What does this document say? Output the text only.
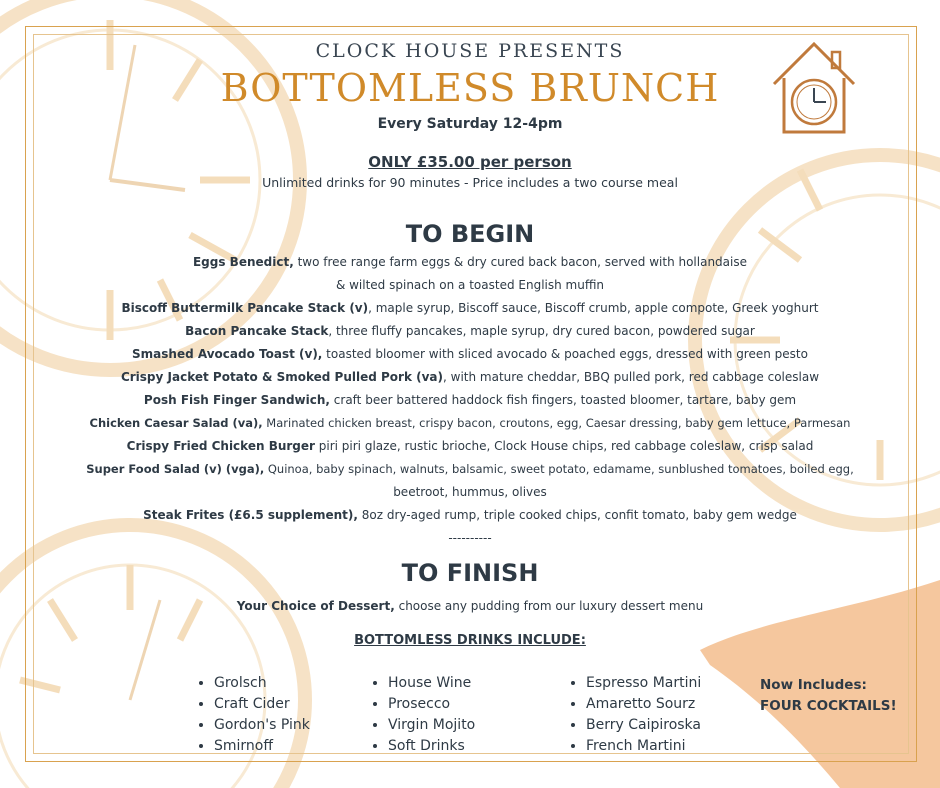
CLOCK HOUSE PRESENTS
BOTTOMLESS BRUNCH
Every Saturday 12-4pm
ONLY £35.00 per person
Unlimited drinks for 90 minutes - Price includes a two course meal
TO BEGIN
Eggs Benedict, two free range farm eggs & dry cured back bacon, served with hollandaise
& wilted spinach on a toasted English muffin
Biscoff Buttermilk Pancake Stack (v), maple syrup, Biscoff sauce, Biscoff crumb, apple compote, Greek yoghurt
Bacon Pancake Stack, three fluffy pancakes, maple syrup, dry cured bacon, powdered sugar
Smashed Avocado Toast (v), toasted bloomer with sliced avocado & poached eggs, dressed with green pesto
Crispy Jacket Potato & Smoked Pulled Pork (va), with mature cheddar, BBQ pulled pork, red cabbage coleslaw
Posh Fish Finger Sandwich, craft beer battered haddock fish fingers, toasted bloomer, tartare, baby gem
Chicken Caesar Salad (va), Marinated chicken breast, crispy bacon, croutons, egg, Caesar dressing, baby gem lettuce, Parmesan
Crispy Fried Chicken Burger piri piri glaze, rustic brioche, Clock House chips, red cabbage coleslaw, crisp salad
Super Food Salad (v) (vga), Quinoa, baby spinach, walnuts, balsamic, sweet potato, edamame, sunblushed tomatoes, boiled egg,
beetroot, hummus, olives
Steak Frites (£6.5 supplement), 8oz dry-aged rump, triple cooked chips, confit tomato, baby gem wedge
----------
TO FINISH
Your Choice of Dessert, choose any pudding from our luxury dessert menu
BOTTOMLESS DRINKS INCLUDE:
• Grolsch
• Craft Cider
• Gordon's Pink
• Smirnoff
• House Wine
• Prosecco
• Virgin Mojito
• Soft Drinks
• Espresso Martini
• Amaretto Sourz
• Berry Caipiroska
• French Martini
Now Includes:
FOUR COCKTAILS!
